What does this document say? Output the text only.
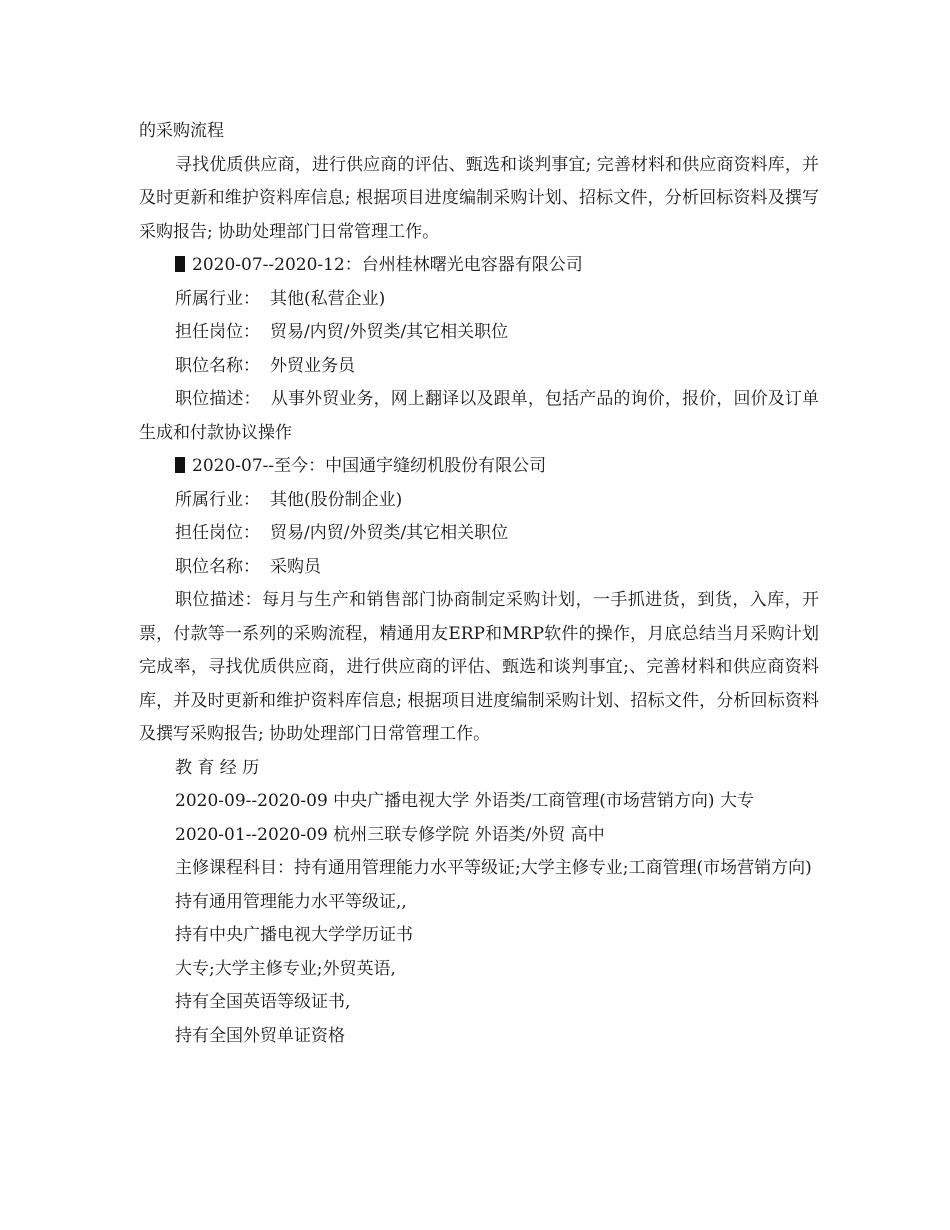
的采购流程

寻找优质供应商，进行供应商的评估、甄选和谈判事宜; 完善材料和供应商资料库，并及时更新和维护资料库信息; 根据项目进度编制采购计划、招标文件，分析回标资料及撰写采购报告; 协助处理部门日常管理工作。

2020-07--2020-12：台州桂林曙光电容器有限公司

所属行业： 其他(私营企业)

担任岗位： 贸易/内贸/外贸类/其它相关职位

职位名称： 外贸业务员

职位描述： 从事外贸业务，网上翻译以及跟单，包括产品的询价，报价，回价及订单生成和付款协议操作

2020-07--至今：中国通宇缝纫机股份有限公司

所属行业： 其他(股份制企业)

担任岗位： 贸易/内贸/外贸类/其它相关职位

职位名称： 采购员

职位描述：每月与生产和销售部门协商制定采购计划，一手抓进货，到货，入库，开票，付款等一系列的采购流程，精通用友ERP和MRP软件的操作，月底总结当月采购计划完成率，寻找优质供应商，进行供应商的评估、甄选和谈判事宜;、完善材料和供应商资料库，并及时更新和维护资料库信息; 根据项目进度编制采购计划、招标文件，分析回标资料及撰写采购报告; 协助处理部门日常管理工作。

教 育 经 历

2020-09--2020-09 中央广播电视大学 外语类/工商管理(市场营销方向) 大专

2020-01--2020-09 杭州三联专修学院 外语类/外贸 高中

主修课程科目：持有通用管理能力水平等级证;大学主修专业;工商管理(市场营销方向)

持有通用管理能力水平等级证,,

持有中央广播电视大学学历证书

大专;大学主修专业;外贸英语,

持有全国英语等级证书,

持有全国外贸单证资格
